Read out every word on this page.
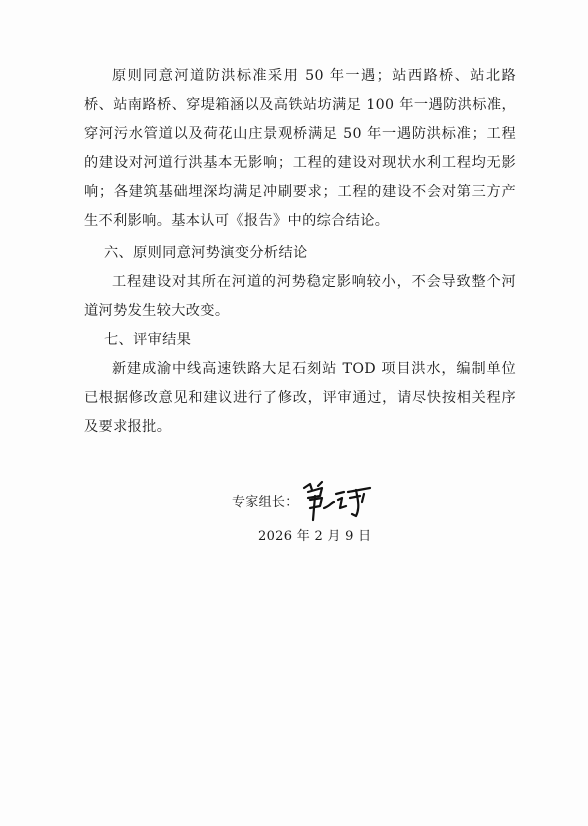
原则同意河道防洪标准采用 50 年一遇；站西路桥、站北路桥、站南路桥、穿堤箱涵以及高铁站坊满足 100 年一遇防洪标准，穿河污水管道以及荷花山庄景观桥满足 50 年一遇防洪标准；工程的建设对河道行洪基本无影响；工程的建设对现状水利工程均无影响；各建筑基础埋深均满足冲刷要求；工程的建设不会对第三方产生不利影响。基本认可《报告》中的综合结论。

六、原则同意河势演变分析结论

工程建设对其所在河道的河势稳定影响较小，不会导致整个河道河势发生较大改变。

七、评审结果

新建成渝中线高速铁路大足石刻站 TOD 项目洪水，编制单位已根据修改意见和建议进行了修改，评审通过，请尽快按相关程序及要求报批。

专家组长：
2026 年 2 月 9 日
